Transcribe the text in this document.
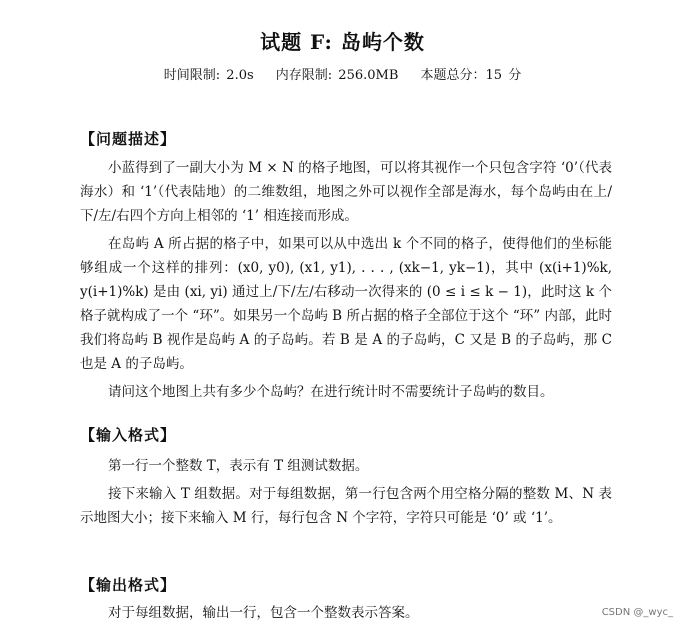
试题 F: 岛屿个数
时间限制: 2.0s 内存限制: 256.0MB 本题总分：15 分
【问题描述】
小蓝得到了一副大小为 M × N 的格子地图，可以将其视作一个只包含字符 ‘0’（代表海水）和 ‘1’（代表陆地）的二维数组，地图之外可以视作全部是海水，每个岛屿由在上/下/左/右四个方向上相邻的 ‘1’ 相连接而形成。
在岛屿 A 所占据的格子中，如果可以从中选出 k 个不同的格子，使得他们的坐标能够组成一个这样的排列：(x0, y0), (x1, y1), . . . , (xk−1, yk−1)，其中 (x(i+1)%k, y(i+1)%k) 是由 (xi, yi) 通过上/下/左/右移动一次得来的 (0 ≤ i ≤ k − 1)，此时这 k 个格子就构成了一个 “环”。如果另一个岛屿 B 所占据的格子全部位于这个 “环” 内部，此时我们将岛屿 B 视作是岛屿 A 的子岛屿。若 B 是 A 的子岛屿，C 又是 B 的子岛屿，那 C 也是 A 的子岛屿。
请问这个地图上共有多少个岛屿？在进行统计时不需要统计子岛屿的数目。
【输入格式】
第一行一个整数 T，表示有 T 组测试数据。
接下来输入 T 组数据。对于每组数据，第一行包含两个用空格分隔的整数 M、N 表示地图大小；接下来输入 M 行，每行包含 N 个字符，字符只可能是 ‘0’ 或 ‘1’。
【输出格式】
对于每组数据，输出一行，包含一个整数表示答案。	CSDN @_wyc_
